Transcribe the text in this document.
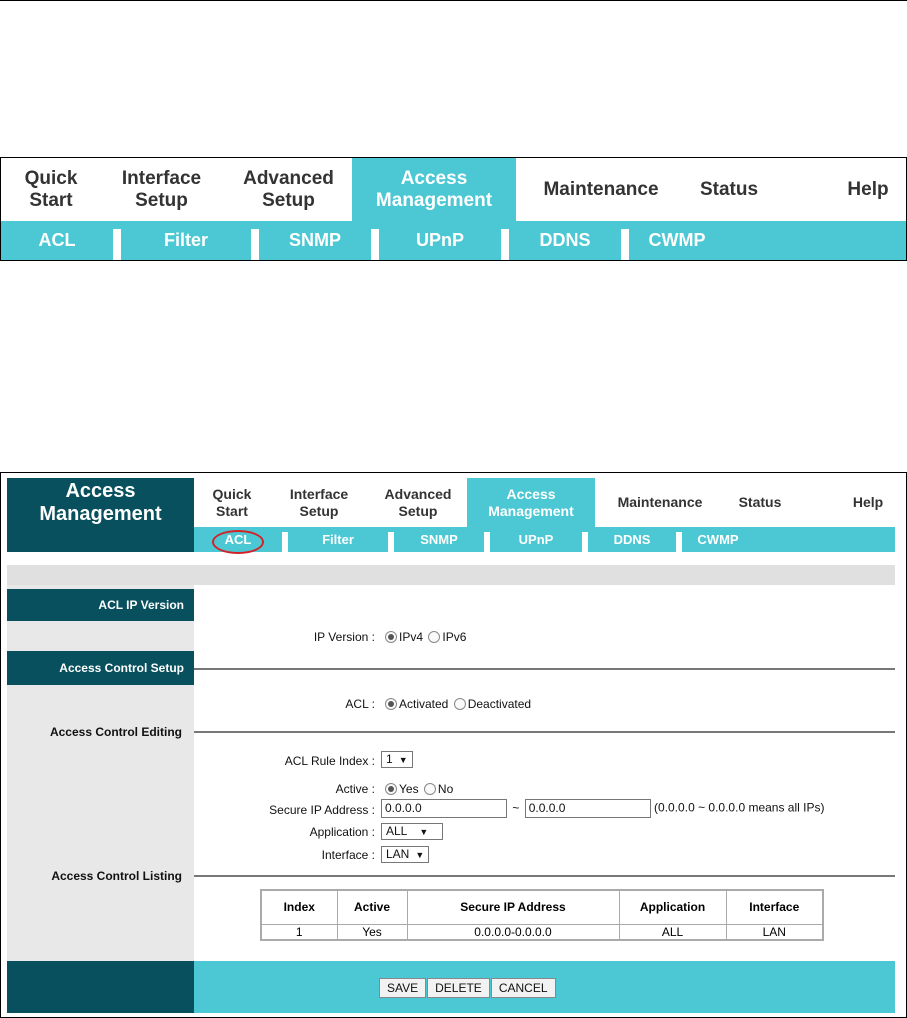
Quick
Start
Interface
Setup
Advanced
Setup
Access
Management
Maintenance Status	Help
ACL	Filter	SNMP	UPnP	DDNS	CWMP
Access
Management
Quick
Start
Interface
Setup
Advanced
Setup
Access
Management
Maintenance	Status	Help
ACL	Filter	SNMP	UPnP	DDNS	CWMP
ACL IP Version
IP Version :	IPv4 IPv6
Access Control Setup
ACL :	Activated Deactivated
Access Control Editing
ACL Rule Index : 1 ▼
Active :	Yes No
Secure IP Address : 0.0.0.0	~ 0.0.0.0	(0.0.0.0 ~ 0.0.0.0 means all IPs)
Application : ALL ▼
Interface : LAN ▼
Access Control Listing
Index	Active	Secure IP Address	Application	Interface
1	Yes	0.0.0.0-0.0.0.0	ALL	LAN
SAVE	DELETE	CANCEL
